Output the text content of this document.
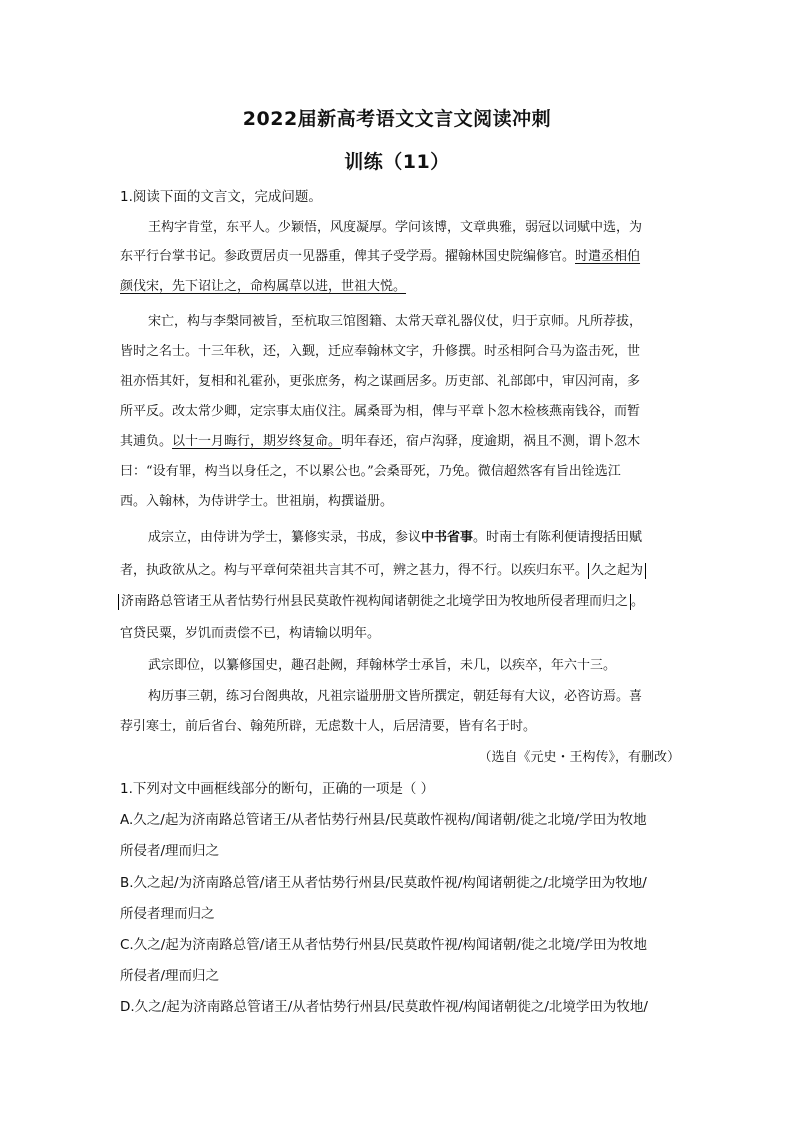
2022届新高考语文文言文阅读冲刺
训练（11）
1.阅读下面的文言文，完成问题。
王构字肯堂，东平人。少颖悟，风度凝厚。学问该博，文章典雅，弱冠以词赋中选，为
东平行台掌书记。参政贾居贞一见器重，俾其子受学焉。擢翰林国史院编修官。时遣丞相伯
颜伐宋，先下诏让之，命构属草以进，世祖大悦。
宋亡，构与李槃同被旨，至杭取三馆图籍、太常天章礼器仪仗，归于京师。凡所荐拔，
皆时之名士。十三年秋，还，入觐，迁应奉翰林文字，升修撰。时丞相阿合马为盗击死，世
祖亦悟其奸，复相和礼霍孙，更张庶务，构之谋画居多。历吏部、礼部郎中，审囚河南，多
所平反。改太常少卿，定宗事太庙仪注。属桑哥为相，俾与平章卜忽木检核燕南钱谷，而暂
其逋负。以十一月晦行，期岁终复命。明年春还，宿卢沟驿，度逾期，祸且不测，谓卜忽木
曰：“设有罪，构当以身任之，不以累公也。”会桑哥死，乃免。微信超然客有旨出铨选江
西。入翰林，为侍讲学士。世祖崩，构撰谥册。
成宗立，由侍讲为学士，纂修实录，书成，参议中书省事。时南士有陈利便请搜括田赋
者，执政欲从之。构与平章何荣祖共言其不可，辨之甚力，得不行。以疾归东平。 久之起为
济南路总管诸王从者怙势行州县民莫敢忤视构闻诸朝徙之北境学田为牧地所侵者理而归之 。
官贷民粟，岁饥而责偿不已，构请输以明年。
武宗即位，以纂修国史，趣召赴阙，拜翰林学士承旨，未几，以疾卒，年六十三。
构历事三朝，练习台阁典故，凡祖宗谥册册文皆所撰定，朝廷每有大议，必咨访焉。喜
荐引寒士，前后省台、翰苑所辟，无虑数十人，后居清要，皆有名于时。
（选自《元史・王构传》，有删改）
1.下列对文中画框线部分的断句，正确的一项是（ ）
A.久之/起为济南路总管诸王/从者怙势行州县/民莫敢忤视构/闻诸朝/徙之北境/学田为牧地
所侵者/理而归之
B.久之起/为济南路总管/诸王从者怙势行州县/民莫敢忤视/构闻诸朝徙之/北境学田为牧地/
所侵者理而归之
C.久之/起为济南路总管/诸王从者怙势行州县/民莫敢忤视/构闻诸朝/徙之北境/学田为牧地
所侵者/理而归之
D.久之/起为济南路总管诸王/从者怙势行州县/民莫敢忤视/构闻诸朝徙之/北境学田为牧地/
